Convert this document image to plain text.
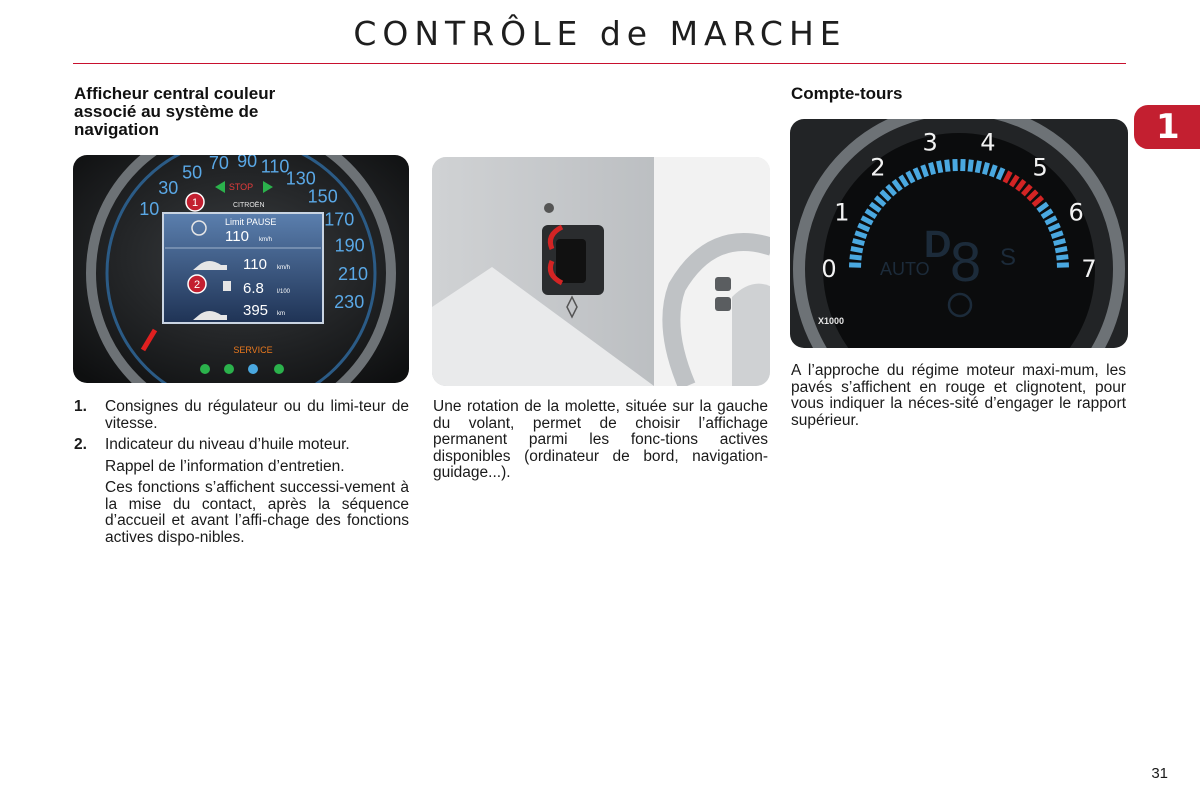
CONTRÔLE de MARCHE
1
Afficheur central couleur
associé au système de
navigation
10
30
50 70 90 110
130
150
170
190
210
230
STOP
CITROËN
1
Limit PAUSE
110 km/h
110 km/h
2	6.8 l/100
395 km
SERVICE
1. Consignes du régulateur ou du limi-teur de vitesse.
2. Indicateur du niveau d’huile moteur.
Rappel de l’information d’entretien.
Ces fonctions s’affichent successi-vement à la mise du contact, après la séquence d’accueil et avant l’affi-chage des fonctions actives dispo-nibles.
Une rotation de la molette, située sur la gauche du volant, permet de choisir l’affichage permanent parmi les fonc-tions actives disponibles (ordinateur de bord, navigation-guidage...).
Compte-tours
0
1
2
3 4
5
6
7
D
AUTO 8 S
X1000
A l’approche du régime moteur maxi-mum, les pavés s’affichent en rouge et clignotent, pour vous indiquer la néces-sité d’engager le rapport supérieur.
31
